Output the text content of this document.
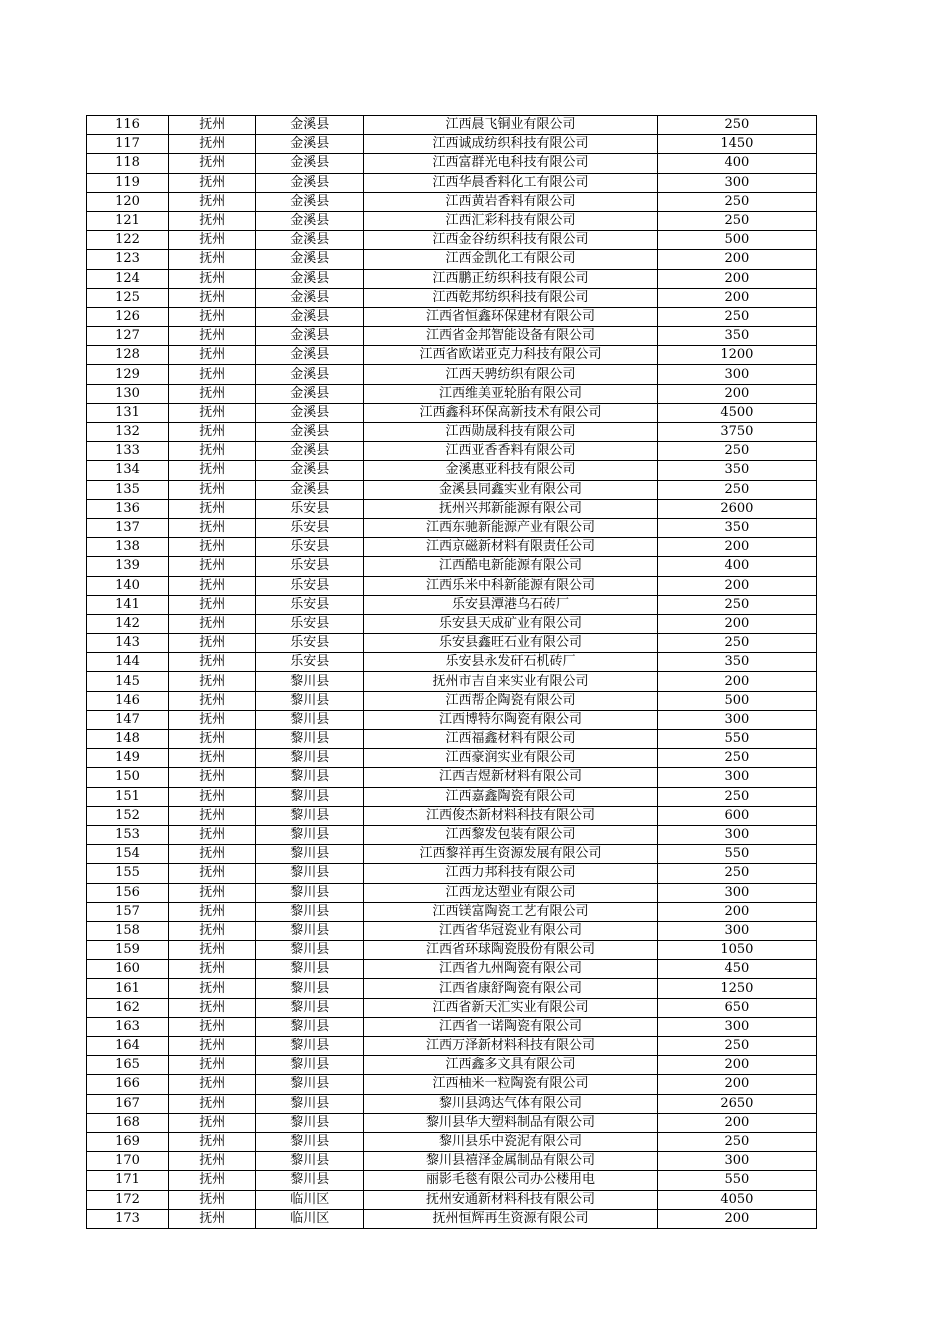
116	抚州	金溪县	江西晨飞铜业有限公司	250
117	抚州	金溪县	江西诚成纺织科技有限公司	1450
118	抚州	金溪县	江西富群光电科技有限公司	400
119	抚州	金溪县	江西华晨香料化工有限公司	300
120	抚州	金溪县	江西黄岩香料有限公司	250
121	抚州	金溪县	江西汇彩科技有限公司	250
122	抚州	金溪县	江西金谷纺织科技有限公司	500
123	抚州	金溪县	江西金凯化工有限公司	200
124	抚州	金溪县	江西鹏正纺织科技有限公司	200
125	抚州	金溪县	江西乾邦纺织科技有限公司	200
126	抚州	金溪县	江西省恒鑫环保建材有限公司	250
127	抚州	金溪县	江西省金邦智能设备有限公司	350
128	抚州	金溪县	江西省欧诺亚克力科技有限公司	1200
129	抚州	金溪县	江西天骋纺织有限公司	300
130	抚州	金溪县	江西维美亚轮胎有限公司	200
131	抚州	金溪县	江西鑫科环保高新技术有限公司	4500
132	抚州	金溪县	江西勋晟科技有限公司	3750
133	抚州	金溪县	江西亚香香料有限公司	250
134	抚州	金溪县	金溪惠亚科技有限公司	350
135	抚州	金溪县	金溪县同鑫实业有限公司	250
136	抚州	乐安县	抚州兴邦新能源有限公司	2600
137	抚州	乐安县	江西东驰新能源产业有限公司	350
138	抚州	乐安县	江西京磁新材料有限责任公司	200
139	抚州	乐安县	江西酷电新能源有限公司	400
140	抚州	乐安县	江西乐米中科新能源有限公司	200
141	抚州	乐安县	乐安县潭港乌石砖厂	250
142	抚州	乐安县	乐安县天成矿业有限公司	200
143	抚州	乐安县	乐安县鑫旺石业有限公司	250
144	抚州	乐安县	乐安县永发矸石机砖厂	350
145	抚州	黎川县	抚州市吉自来实业有限公司	200
146	抚州	黎川县	江西帮企陶瓷有限公司	500
147	抚州	黎川县	江西博特尔陶瓷有限公司	300
148	抚州	黎川县	江西福鑫材料有限公司	550
149	抚州	黎川县	江西豪润实业有限公司	250
150	抚州	黎川县	江西吉煜新材料有限公司	300
151	抚州	黎川县	江西嘉鑫陶瓷有限公司	250
152	抚州	黎川县	江西俊杰新材料科技有限公司	600
153	抚州	黎川县	江西黎发包装有限公司	300
154	抚州	黎川县	江西黎祥再生资源发展有限公司	550
155	抚州	黎川县	江西力邦科技有限公司	250
156	抚州	黎川县	江西龙达塑业有限公司	300
157	抚州	黎川县	江西镁富陶瓷工艺有限公司	200
158	抚州	黎川县	江西省华冠瓷业有限公司	300
159	抚州	黎川县	江西省环球陶瓷股份有限公司	1050
160	抚州	黎川县	江西省九州陶瓷有限公司	450
161	抚州	黎川县	江西省康舒陶瓷有限公司	1250
162	抚州	黎川县	江西省新天汇实业有限公司	650
163	抚州	黎川县	江西省一诺陶瓷有限公司	300
164	抚州	黎川县	江西万泽新材料科技有限公司	250
165	抚州	黎川县	江西鑫多文具有限公司	200
166	抚州	黎川县	江西柚米一粒陶瓷有限公司	200
167	抚州	黎川县	黎川县鸿达气体有限公司	2650
168	抚州	黎川县	黎川县华大塑料制品有限公司	200
169	抚州	黎川县	黎川县乐中瓷泥有限公司	250
170	抚州	黎川县	黎川县禧泽金属制品有限公司	300
171	抚州	黎川县	丽影毛毯有限公司办公楼用电	550
172	抚州	临川区	抚州安通新材料科技有限公司	4050
173	抚州	临川区	抚州恒辉再生资源有限公司	200
